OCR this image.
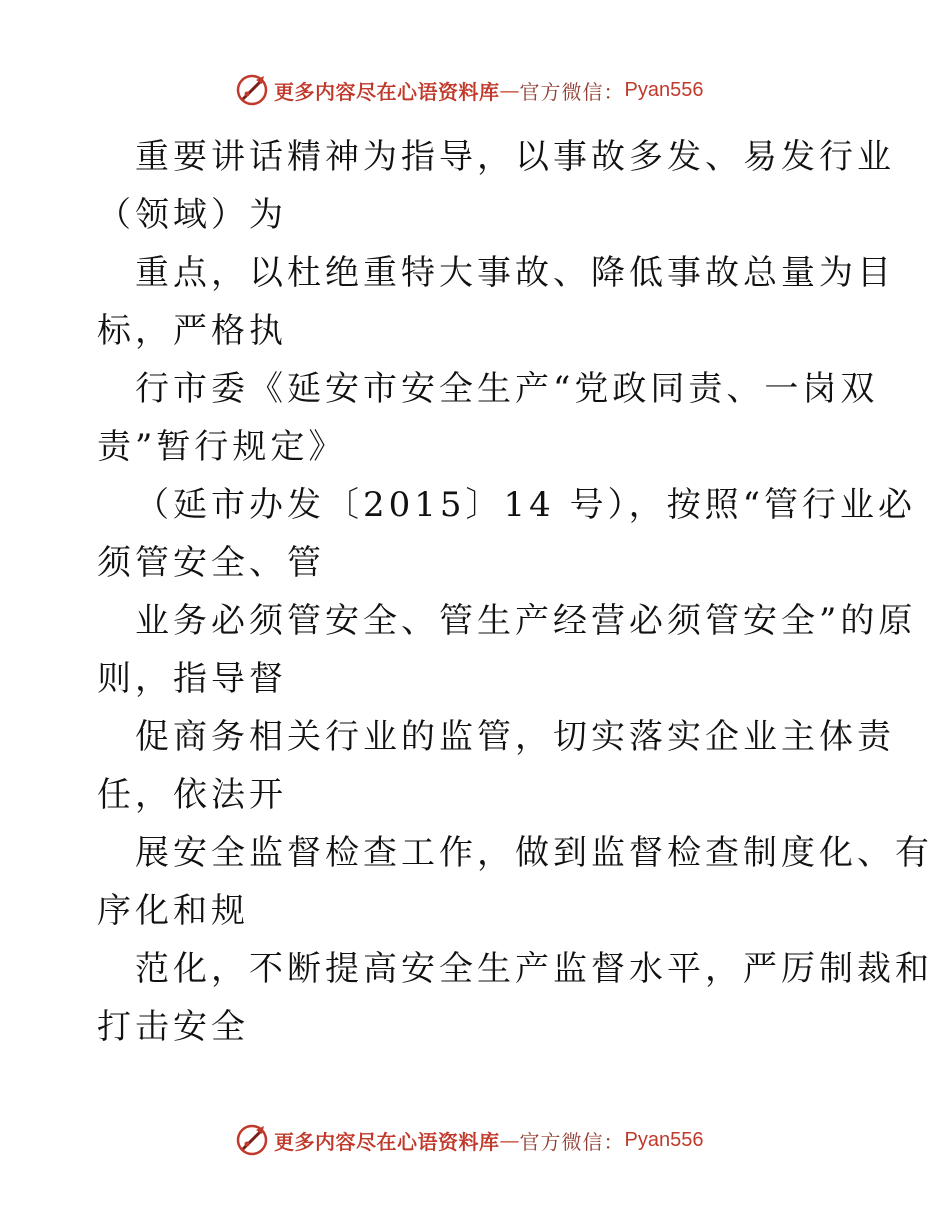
更多内容尽在心语资料库 — 官方微信： Pyan556
重要讲话精神为指导，以事故多发、易发行业
（领域）为
重点，以杜绝重特大事故、降低事故总量为目
标，严格执
行市委《延安市安全生产“党政同责、一岗双
责”暂行规定》
（延市办发〔2015〕14 号），按照“管行业必
须管安全、管
业务必须管安全、管生产经营必须管安全”的原
则，指导督
促商务相关行业的监管，切实落实企业主体责
任，依法开
展安全监督检查工作，做到监督检查制度化、有
序化和规
范化，不断提高安全生产监督水平，严厉制裁和
打击安全
更多内容尽在心语资料库 — 官方微信： Pyan556
